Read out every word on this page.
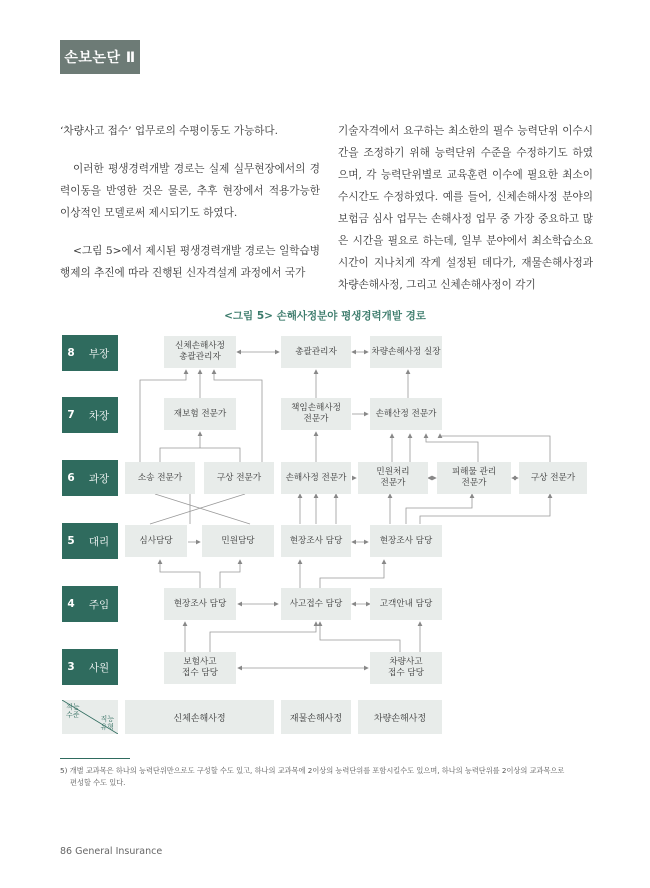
손보논단 Ⅱ

‘차량사고 접수’ 업무로의 수평이동도 가능하다.

이러한 평생경력개발 경로는 실제 실무현장에서의 경력이동을 반영한 것은 물론, 추후 현장에서 적용가능한 이상적인 모델로써 제시되기도 하였다.

<그림 5>에서 제시된 평생경력개발 경로는 일학습병행제의 추진에 따라 진행된 신자격설계 과정에서 국가

기술자격에서 요구하는 최소한의 필수 능력단위 이수시간을 조정하기 위해 능력단위 수준을 수정하기도 하였으며, 각 능력단위별로 교육훈련 이수에 필요한 최소이수시간도 수정하였다. 예를 들어, 신체손해사정 분야의 보험금 심사 업무는 손해사정 업무 중 가장 중요하고 많은 시간을 필요로 하는데, 일부 분야에서 최소학습소요시간이 지나치게 작게 설정된 데다가, 재물손해사정과 차량손해사정, 그리고 신체손해사정이 각기

<그림 5> 손해사정분야 평생경력개발 경로
8	부장
7	차장
6	과장
5	대리
4	주임
3	사원
신체손해사정
총괄관리자
총괄관리자	차량손해사정 실장
재보험 전문가
책임손해사정
전문가
손해산정 전문가
소송 전문가	구상 전문가	손해사정 전문가
민원처리
전문가
피해물 관리
전문가
구상 전문가
심사담당	민원담당	현장조사 담당	현장조사 담당
현장조사 담당	사고접수 담당	고객안내 담당
보험사고
접수 담당
차량사고
접수 담당
직능
수준	직능
유형
신체손해사정	재물손해사정	차량손해사정
5) 개별 교과목은 하나의 능력단위만으로도 구성할 수도 있고, 하나의 교과목에 2이상의 능력단위를 포함시킬수도 있으며, 하나의 능력단위를 2이상의 교과목으로
편성할 수도 있다.
86 General Insurance
